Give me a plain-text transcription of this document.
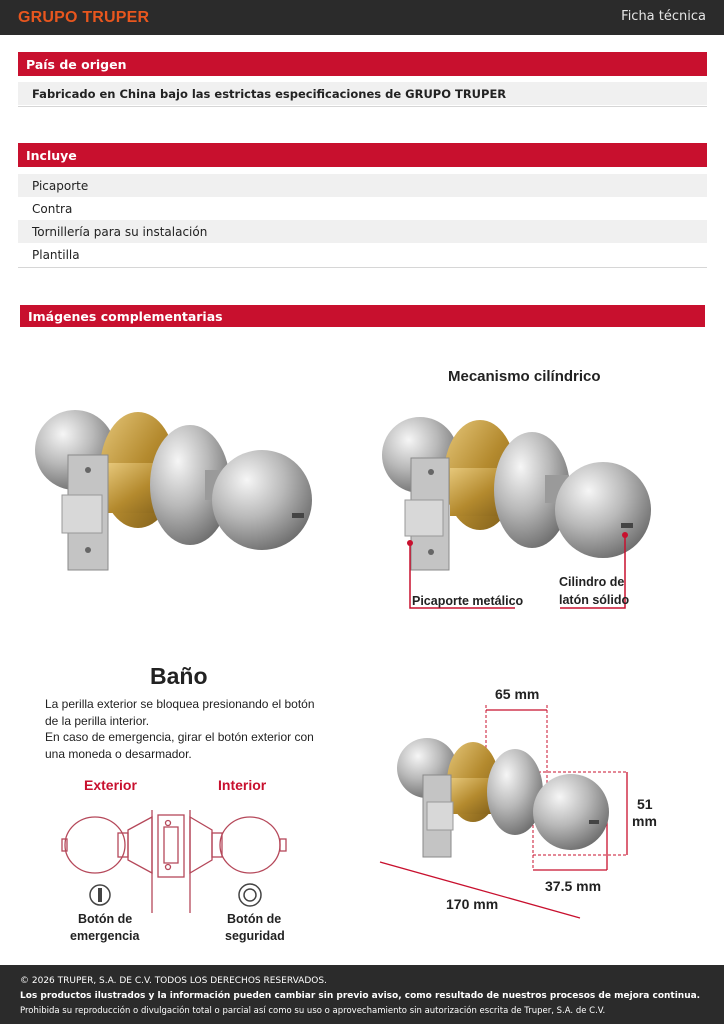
GRUPO TRUPER	Ficha técnica
País de origen
Fabricado en China bajo las estrictas especificaciones de GRUPO TRUPER
Incluye
Picaporte
Contra
Tornillería para su instalación
Plantilla
Imágenes complementarias
Mecanismo cilíndrico
Picaporte metálico
Cilindro de
latón sólido
Baño
La perilla exterior se bloquea presionando el botón
de la perilla interior.
En caso de emergencia, girar el botón exterior con
una moneda o desarmador.
Exterior	Interior
Botón de
emergencia
Botón de
seguridad
65 mm
51
mm
37.5 mm
170 mm
© 2026 TRUPER, S.A. DE C.V. TODOS LOS DERECHOS RESERVADOS.
Los productos ilustrados y la información pueden cambiar sin previo aviso, como resultado de nuestros procesos de mejora continua.
Prohibida su reproducción o divulgación total o parcial así como su uso o aprovechamiento sin autorización escrita de Truper, S.A. de C.V.
